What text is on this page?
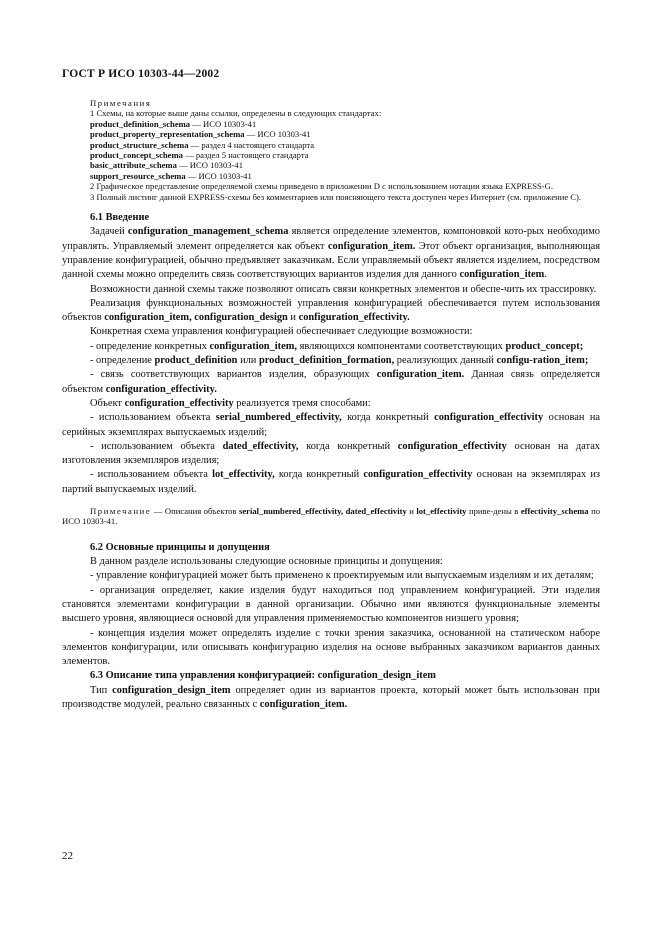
ГОСТ Р ИСО 10303-44—2002

Примечания

1 Схемы, на которые выше даны ссылки, определены в следующих стандартах:

product_definition_schema — ИСО 10303-41

product_property_representation_schema — ИСО 10303-41

product_structure_schema — раздел 4 настоящего стандарта

product_concept_schema — раздел 5 настоящего стандарта

basic_attribute_schema — ИСО 10303-41

support_resource_schema — ИСО 10303-41

2 Графическое представление определяемой схемы приведено в приложении D с использованием нотации языка EXPRESS-G.

3 Полный листинг данной EXPRESS-схемы без комментариев или поясняющего текста доступен через Интернет (см. приложение С).

6.1 Введение

Задачей configuration_management_schema является определение элементов, компоновкой кото-рых необходимо управлять. Управляемый элемент определяется как объект configuration_item. Этот объект организация, выполняющая управление конфигурацией, обычно предъявляет заказчикам. Если управляемый объект является изделием, посредством данной схемы можно определить связь соответствующих вариантов изделия для данного configuration_item.

Возможности данной схемы также позволяют описать связи конкретных элементов и обеспе-чить их трассировку.

Реализация функциональных возможностей управления конфигурацией обеспечивается путем использования объектов configuration_item, configuration_design и configuration_effectivity.

Конкретная схема управления конфигурацией обеспечивает следующие возможности:

- определение конкретных configuration_item, являющихся компонентами соответствующих product_concept;

- определение product_definition или product_definition_formation, реализующих данный configu-ration_item;

- связь соответствующих вариантов изделия, образующих configuration_item. Данная связь определяется объектом configuration_effectivity.

Объект configuration_effectivity реализуется тремя способами:

- использованием объекта serial_numbered_effectivity, когда конкретный configuration_effectivity основан на серийных экземплярах выпускаемых изделий;

- использованием объекта dated_effectivity, когда конкретный configuration_effectivity основан на датах изготовления экземпляров изделия;

- использованием объекта lot_effectivity, когда конкретный configuration_effectivity основан на экземплярах из партий выпускаемых изделий.

Примечание — Описания объектов serial_numbered_effectivity, dated_effectivity и lot_effectivity приве-дены в effectivity_schema по ИСО 10303-41.

6.2 Основные принципы и допущения

В данном разделе использованы следующие основные принципы и допущения:

- управление конфигурацией может быть применено к проектируемым или выпускаемым изделиям и их деталям;

- организация определяет, какие изделия будут находиться под управлением конфигурацией. Эти изделия становятся элементами конфигурации в данной организации. Обычно ими являются функциональные элементы высшего уровня, являющиеся основой для управления применяемостью компонентов низшего уровня;

- концепция изделия может определять изделие с точки зрения заказчика, основанной на статическом наборе элементов конфигурации, или описывать конфигурацию изделия на основе выбранных заказчиком вариантов данных элементов.

6.3 Описание типа управления конфигурацией: configuration_design_item

Тип configuration_design_item определяет один из вариантов проекта, который может быть использован при производстве модулей, реально связанных с configuration_item.

22
